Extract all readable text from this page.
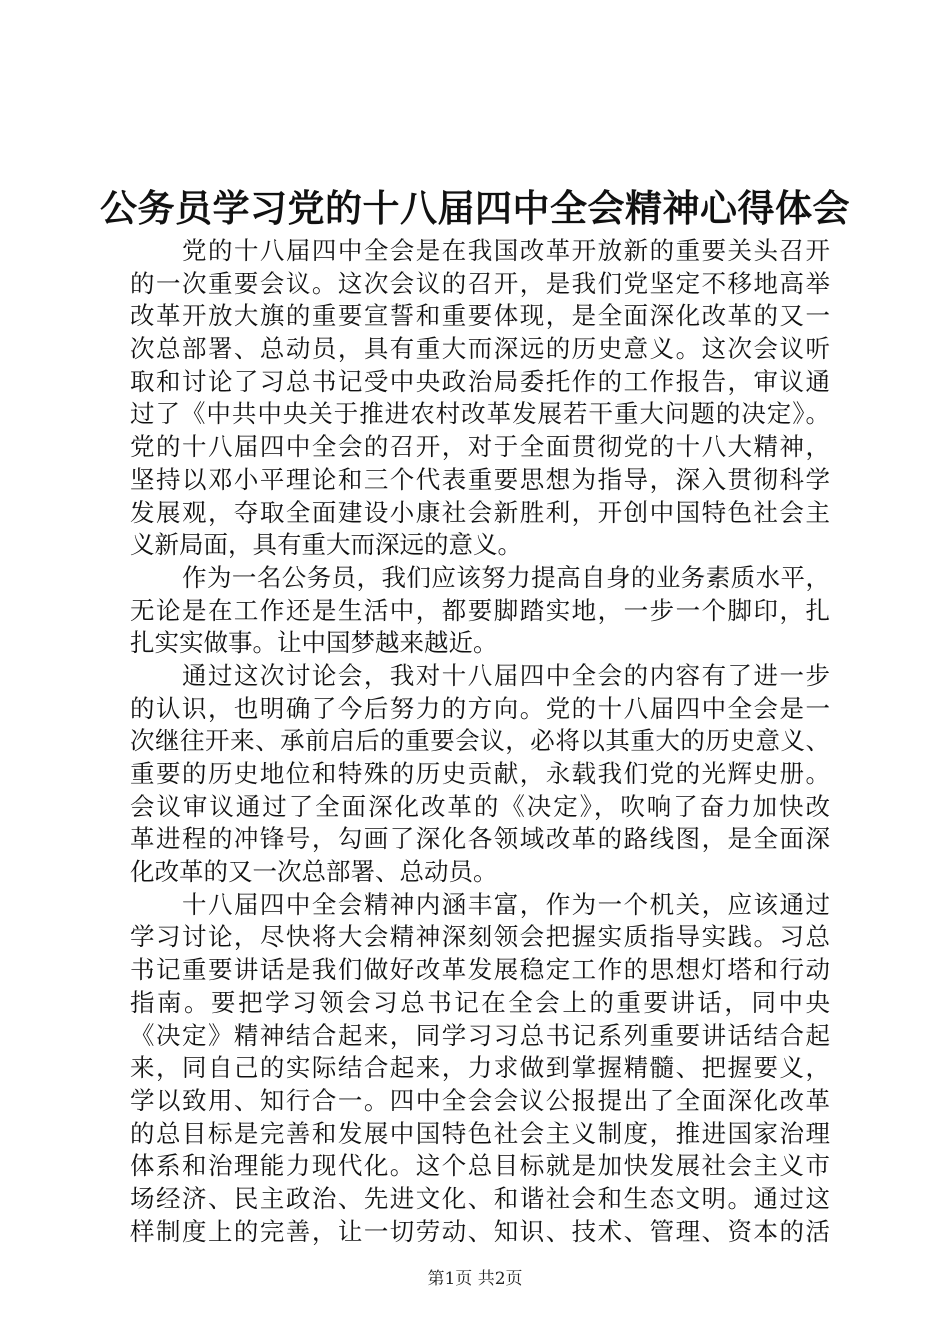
公务员学习党的十八届四中全会精神心得体会
党的十八届四中全会是在我国改革开放新的重要关头召开
的一次重要会议。这次会议的召开，是我们党坚定不移地高举
改革开放大旗的重要宣誓和重要体现，是全面深化改革的又一
次总部署、总动员，具有重大而深远的历史意义。这次会议听
取和讨论了习总书记受中央政治局委托作的工作报告，审议通
过了《中共中央关于推进农村改革发展若干重大问题的决定》。
党的十八届四中全会的召开，对于全面贯彻党的十八大精神，
坚持以邓小平理论和三个代表重要思想为指导，深入贯彻科学
发展观，夺取全面建设小康社会新胜利，开创中国特色社会主
义新局面，具有重大而深远的意义。
作为一名公务员，我们应该努力提高自身的业务素质水平，
无论是在工作还是生活中，都要脚踏实地，一步一个脚印，扎
扎实实做事。让中国梦越来越近。
通过这次讨论会，我对十八届四中全会的内容有了进一步
的认识，也明确了今后努力的方向。党的十八届四中全会是一
次继往开来、承前启后的重要会议，必将以其重大的历史意义、
重要的历史地位和特殊的历史贡献，永载我们党的光辉史册。
会议审议通过了全面深化改革的《决定》，吹响了奋力加快改
革进程的冲锋号，勾画了深化各领域改革的路线图，是全面深
化改革的又一次总部署、总动员。
十八届四中全会精神内涵丰富，作为一个机关，应该通过
学习讨论，尽快将大会精神深刻领会把握实质指导实践。习总
书记重要讲话是我们做好改革发展稳定工作的思想灯塔和行动
指南。要把学习领会习总书记在全会上的重要讲话，同中央
《决定》精神结合起来，同学习习总书记系列重要讲话结合起
来，同自己的实际结合起来，力求做到掌握精髓、把握要义，
学以致用、知行合一。四中全会会议公报提出了全面深化改革
的总目标是完善和发展中国特色社会主义制度，推进国家治理
体系和治理能力现代化。这个总目标就是加快发展社会主义市
场经济、民主政治、先进文化、和谐社会和生态文明。通过这
样制度上的完善，让一切劳动、知识、技术、管理、资本的活
第1页 共2页
